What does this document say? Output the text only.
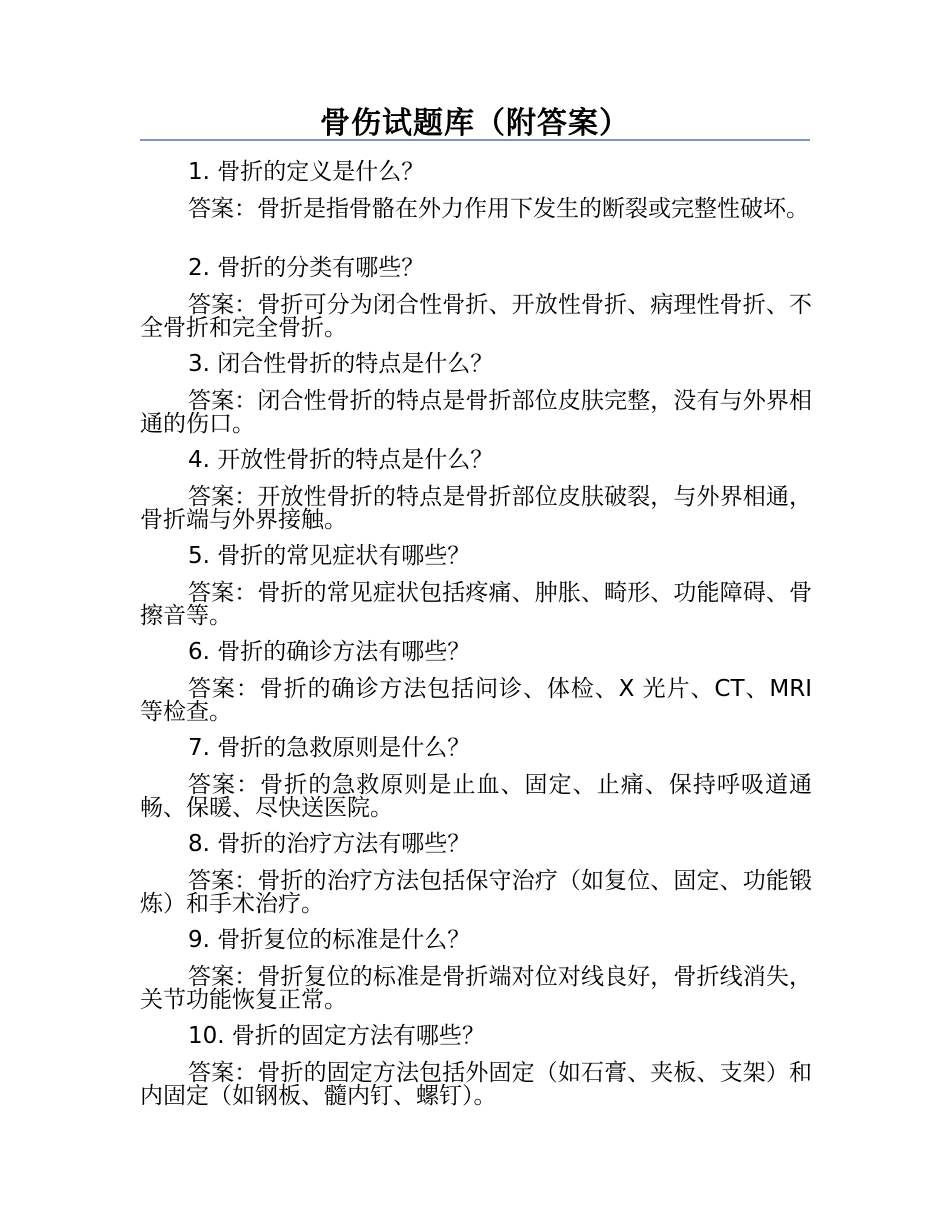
骨伤试题库（附答案）

1. 骨折的定义是什么？

答案：骨折是指骨骼在外力作用下发生的断裂或完整性破坏。

2. 骨折的分类有哪些？

答案：骨折可分为闭合性骨折、开放性骨折、病理性骨折、不全骨折和完全骨折。

3. 闭合性骨折的特点是什么？

答案：闭合性骨折的特点是骨折部位皮肤完整，没有与外界相通的伤口。

4. 开放性骨折的特点是什么？

答案：开放性骨折的特点是骨折部位皮肤破裂，与外界相通，骨折端与外界接触。

5. 骨折的常见症状有哪些？

答案：骨折的常见症状包括疼痛、肿胀、畸形、功能障碍、骨擦音等。

6. 骨折的确诊方法有哪些？

答案：骨折的确诊方法包括问诊、体检、X 光片、CT、MRI 等检查。

7. 骨折的急救原则是什么？

答案：骨折的急救原则是止血、固定、止痛、保持呼吸道通畅、保暖、尽快送医院。

8. 骨折的治疗方法有哪些？

答案：骨折的治疗方法包括保守治疗（如复位、固定、功能锻炼）和手术治疗。

9. 骨折复位的标准是什么？

答案：骨折复位的标准是骨折端对位对线良好，骨折线消失，关节功能恢复正常。

10. 骨折的固定方法有哪些？

答案：骨折的固定方法包括外固定（如石膏、夹板、支架）和内固定（如钢板、髓内钉、螺钉）。
